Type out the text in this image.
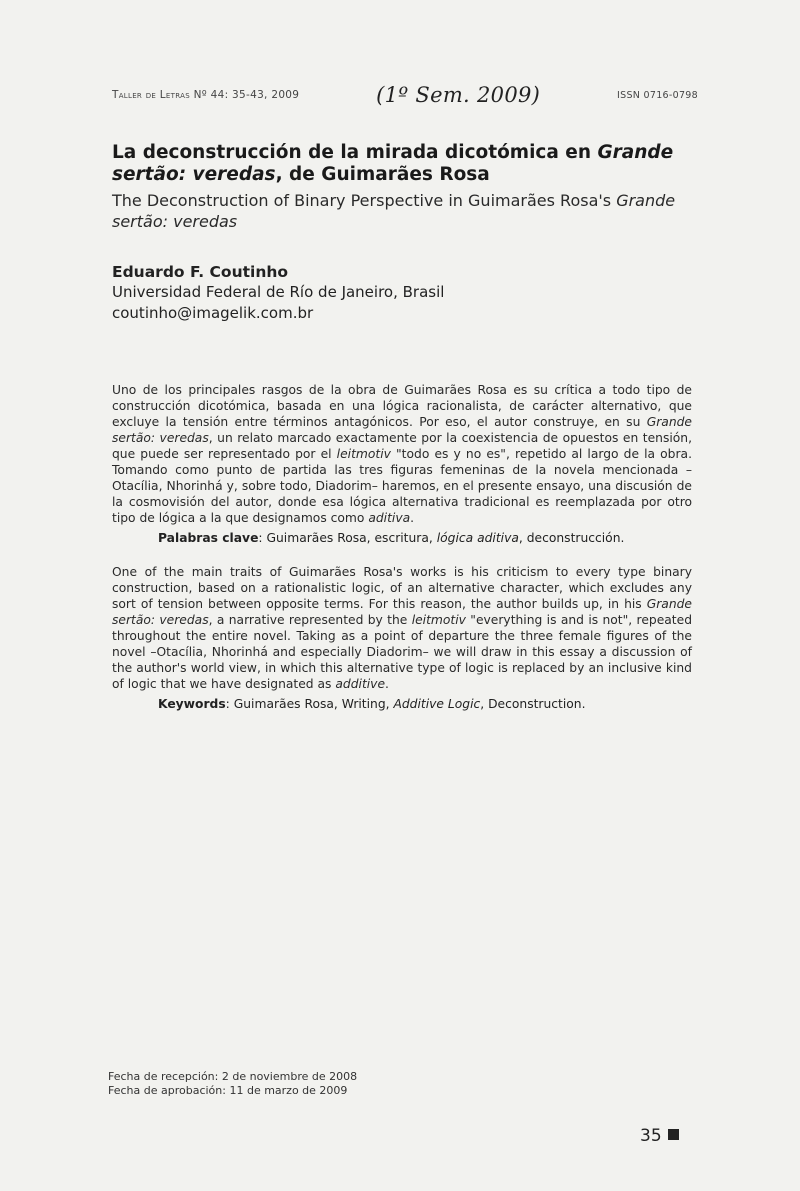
Taller de Letras Nº 44: 35-43, 2009	(1º Sem. 2009)	ISSN 0716-0798
La deconstrucción de la mirada dicotómica en Grande sertão: veredas, de Guimarães Rosa
The Deconstruction of Binary Perspective in Guimarães Rosa's Grande sertão: veredas
Eduardo F. Coutinho
Universidad Federal de Río de Janeiro, Brasil
coutinho@imagelik.com.br
Uno de los principales rasgos de la obra de Guimarães Rosa es su crítica a todo tipo de construcción dicotómica, basada en una lógica racionalista, de carácter alternativo, que excluye la tensión entre términos antagónicos. Por eso, el autor construye, en su Grande sertão: veredas, un relato marcado exactamente por la coexistencia de opuestos en tensión, que puede ser representado por el leitmotiv "todo es y no es", repetido al largo de la obra. Tomando como punto de partida las tres figuras femeninas de la novela mencionada –Otacília, Nhorinhá y, sobre todo, Diadorim– haremos, en el presente ensayo, una discusión de la cosmovisión del autor, donde esa lógica alternativa tradicional es reemplazada por otro tipo de lógica a la que designamos como aditiva.
Palabras clave: Guimarães Rosa, escritura, lógica aditiva, deconstrucción.
One of the main traits of Guimarães Rosa's works is his criticism to every type binary construction, based on a rationalistic logic, of an alternative character, which excludes any sort of tension between opposite terms. For this reason, the author builds up, in his Grande sertão: veredas, a narrative represented by the leitmotiv "everything is and is not", repeated throughout the entire novel. Taking as a point of departure the three female figures of the novel –Otacília, Nhorinhá and especially Diadorim– we will draw in this essay a discussion of the author's world view, in which this alternative type of logic is replaced by an inclusive kind of logic that we have designated as additive.
Keywords: Guimarães Rosa, Writing, Additive Logic, Deconstruction.
Fecha de recepción: 2 de noviembre de 2008
Fecha de aprobación: 11 de marzo de 2009
35
